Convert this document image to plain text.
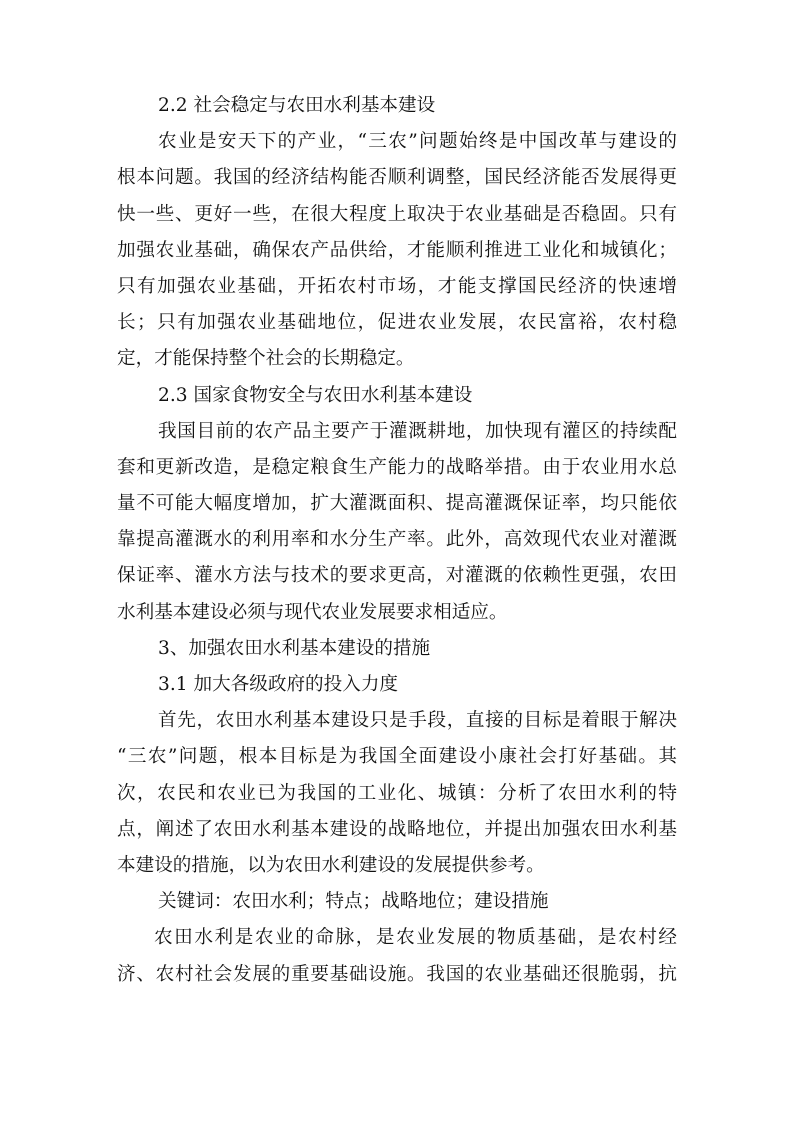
2.2 社会稳定与农田水利基本建设
农业是安天下的产业，“三农”问题始终是中国改革与建设的
根本问题。我国的经济结构能否顺利调整，国民经济能否发展得更
快一些、更好一些，在很大程度上取决于农业基础是否稳固。只有
加强农业基础，确保农产品供给，才能顺利推进工业化和城镇化；
只有加强农业基础，开拓农村市场，才能支撑国民经济的快速增
长；只有加强农业基础地位，促进农业发展，农民富裕，农村稳
定，才能保持整个社会的长期稳定。
2.3 国家食物安全与农田水利基本建设
我国目前的农产品主要产于灌溉耕地，加快现有灌区的持续配
套和更新改造，是稳定粮食生产能力的战略举措。由于农业用水总
量不可能大幅度增加，扩大灌溉面积、提高灌溉保证率，均只能依
靠提高灌溉水的利用率和水分生产率。此外，高效现代农业对灌溉
保证率、灌水方法与技术的要求更高，对灌溉的依赖性更强，农田
水利基本建设必须与现代农业发展要求相适应。
3、加强农田水利基本建设的措施
3.1 加大各级政府的投入力度
首先，农田水利基本建设只是手段，直接的目标是着眼于解决
“三农”问题，根本目标是为我国全面建设小康社会打好基础。其
次，农民和农业已为我国的工业化、城镇：分析了农田水利的特
点，阐述了农田水利基本建设的战略地位，并提出加强农田水利基
本建设的措施，以为农田水利建设的发展提供参考。
关键词：农田水利；特点；战略地位；建设措施
农田水利是农业的命脉，是农业发展的物质基础，是农村经
济、农村社会发展的重要基础设施。我国的农业基础还很脆弱，抗
